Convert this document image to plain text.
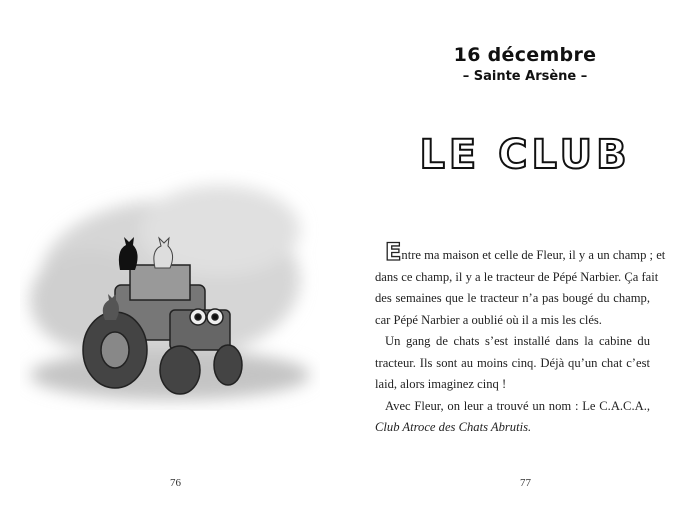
76
16 décembre
– Sainte Arsène –
LE CLUB
Entre ma maison et celle de Fleur, il y a un champ ; et
dans ce champ, il y a le tracteur de Pépé Narbier. Ça fait
des semaines que le tracteur n’a pas bougé du champ,
car Pépé Narbier a oublié où il a mis les clés.
Un gang de chats s’est installé dans la cabine du
tracteur. Ils sont au moins cinq. Déjà qu’un chat c’est
laid, alors imaginez cinq !
Avec Fleur, on leur a trouvé un nom : Le C.A.C.A.,
Club Atroce des Chats Abrutis.
77
